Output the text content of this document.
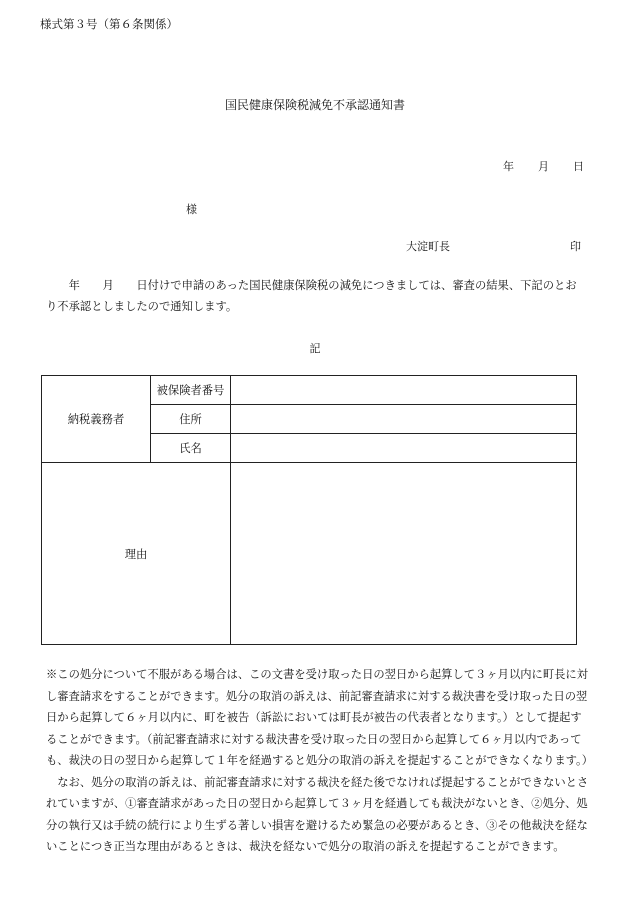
様式第３号（第６条関係）
国民健康保険税減免不承認通知書
年 月 日
様
大淀町長	印
　　年　　月　　日付けで申請のあった国民健康保険税の減免につきましては、審査の結果、下記のとおり不承認としましたので通知します。
記
納税義務者	被保険者番号	
	住所	
	氏名	
理由		

※この処分について不服がある場合は、この文書を受け取った日の翌日から起算して３ヶ月以内に町長に対し審査請求をすることができます。処分の取消の訴えは、前記審査請求に対する裁決書を受け取った日の翌日から起算して６ヶ月以内に、町を被告（訴訟においては町長が被告の代表者となります。）として提起することができます。（前記審査請求に対する裁決書を受け取った日の翌日から起算して６ヶ月以内であっても、裁決の日の翌日から起算して１年を経過すると処分の取消の訴えを提起することができなくなります。）

なお、処分の取消の訴えは、前記審査請求に対する裁決を経た後でなければ提起することができないとされていますが、①審査請求があった日の翌日から起算して３ヶ月を経過しても裁決がないとき、②処分、処分の執行又は手続の続行により生ずる著しい損害を避けるため緊急の必要があるとき、③その他裁決を経ないことにつき正当な理由があるときは、裁決を経ないで処分の取消の訴えを提起することができます。
